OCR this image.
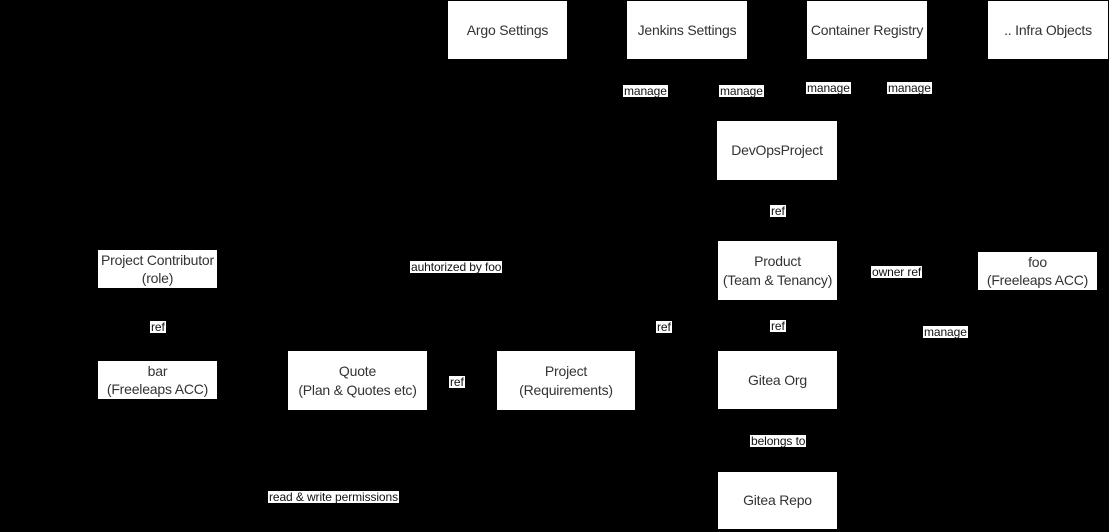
Argo Settings	Jenkins Settings	Container Registry	.. Infra Objects
DevOpsProject
Product
(Team & Tenancy)
foo
(Freeleaps ACC)
Project Contributor
(role)
bar
(Freeleaps ACC)
Quote
(Plan & Quotes etc)
Project
(Requirements)
Gitea Org
Gitea Repo
manage	manage	manage	manage
ref
owner ref
auhtorized by foo
ref	ref	ref	manage
ref
belongs to
read & write permissions
